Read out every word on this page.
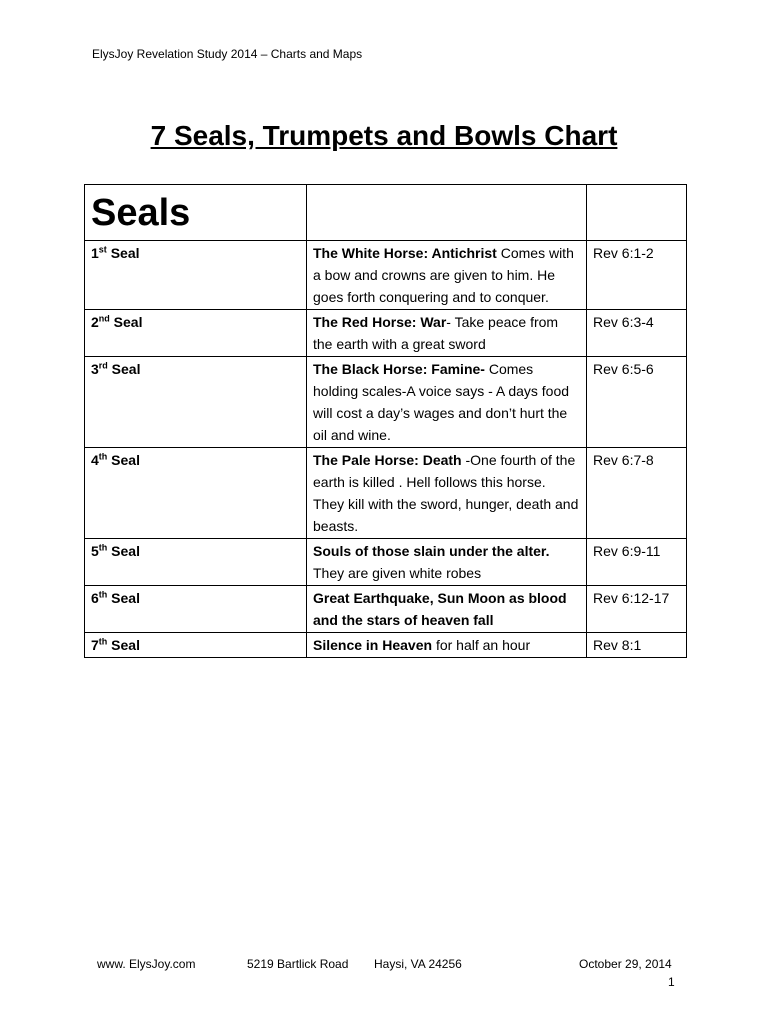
ElysJoy Revelation Study 2014 – Charts and Maps

7 Seals, Trumpets and Bowls Chart
Seals		
1st Seal	The White Horse: Antichrist Comes with a bow and crowns are given to him. He goes forth conquering and to conquer.	Rev 6:1-2
2nd Seal	The Red Horse: War- Take peace from the earth with a great sword	Rev 6:3-4
3rd Seal	The Black Horse: Famine- Comes holding scales-A voice says - A days food will cost a day’s wages and don’t hurt the oil and wine.	Rev 6:5-6
4th Seal	The Pale Horse: Death -One fourth of the earth is killed . Hell follows this horse. They kill with the sword, hunger, death and beasts.	Rev 6:7-8
5th Seal	Souls of those slain under the alter. They are given white robes	Rev 6:9-11
6th Seal	Great Earthquake, Sun Moon as blood and the stars of heaven fall	Rev 6:12-17
7th Seal	Silence in Heaven for half an hour	Rev 8:1
www. ElysJoy.com	5219 Bartlick Road Haysi, VA 24256	October 29, 2014
1
